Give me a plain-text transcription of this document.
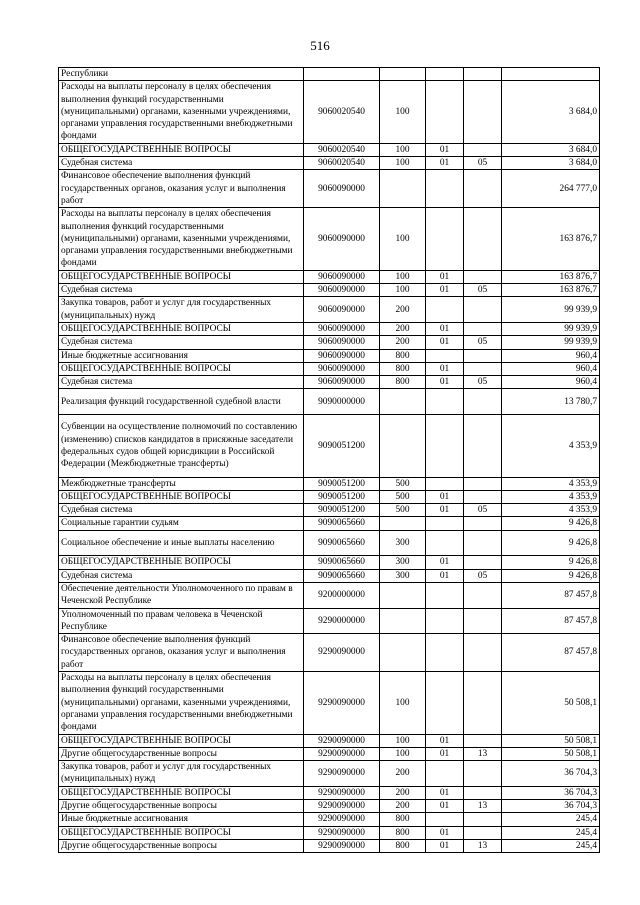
516
Республики					
Расходы на выплаты персоналу в целях обеспечения выполнения функций государственными (муниципальными) органами, казенными учреждениями, органами управления государственными внебюджетными фондами	9060020540	100			3 684,0
ОБЩЕГОСУДАРСТВЕННЫЕ ВОПРОСЫ	9060020540	100	01		3 684,0
Судебная система	9060020540	100	01	05	3 684,0
Финансовое обеспечение выполнения функций государственных органов, оказания услуг и выполнения работ	9060090000				264 777,0
Расходы на выплаты персоналу в целях обеспечения выполнения функций государственными (муниципальными) органами, казенными учреждениями, органами управления государственными внебюджетными фондами	9060090000	100			163 876,7
ОБЩЕГОСУДАРСТВЕННЫЕ ВОПРОСЫ	9060090000	100	01		163 876,7
Судебная система	9060090000	100	01	05	163 876,7
Закупка товаров, работ и услуг для государственных (муниципальных) нужд	9060090000	200			99 939,9
ОБЩЕГОСУДАРСТВЕННЫЕ ВОПРОСЫ	9060090000	200	01		99 939,9
Судебная система	9060090000	200	01	05	99 939,9
Иные бюджетные ассигнования	9060090000	800			960,4
ОБЩЕГОСУДАРСТВЕННЫЕ ВОПРОСЫ	9060090000	800	01		960,4
Судебная система	9060090000	800	01	05	960,4
Реализация функций государственной судебной власти	9090000000				13 780,7
Субвенции на осуществление полномочий по составлению (изменению) списков кандидатов в присяжные заседатели федеральных судов общей юрисдикции в Российской Федерации (Межбюджетные трансферты)	9090051200				4 353,9
Межбюджетные трансферты	9090051200	500			4 353,9
ОБЩЕГОСУДАРСТВЕННЫЕ ВОПРОСЫ	9090051200	500	01		4 353,9
Судебная система	9090051200	500	01	05	4 353,9
Социальные гарантии судьям	9090065660				9 426,8
Социальное обеспечение и иные выплаты населению	9090065660	300			9 426,8
ОБЩЕГОСУДАРСТВЕННЫЕ ВОПРОСЫ	9090065660	300	01		9 426,8
Судебная система	9090065660	300	01	05	9 426,8
Обеспечение деятельности Уполномоченного по правам в Чеченской Республике	9200000000				87 457,8
Уполномоченный по правам человека в Чеченской Республике	9290000000				87 457,8
Финансовое обеспечение выполнения функций государственных органов, оказания услуг и выполнения работ	9290090000				87 457,8
Расходы на выплаты персоналу в целях обеспечения выполнения функций государственными (муниципальными) органами, казенными учреждениями, органами управления государственными внебюджетными фондами	9290090000	100			50 508,1
ОБЩЕГОСУДАРСТВЕННЫЕ ВОПРОСЫ	9290090000	100	01		50 508,1
Другие общегосударственные вопросы	9290090000	100	01	13	50 508,1
Закупка товаров, работ и услуг для государственных (муниципальных) нужд	9290090000	200			36 704,3
ОБЩЕГОСУДАРСТВЕННЫЕ ВОПРОСЫ	9290090000	200	01		36 704,3
Другие общегосударственные вопросы	9290090000	200	01	13	36 704,3
Иные бюджетные ассигнования	9290090000	800			245,4
ОБЩЕГОСУДАРСТВЕННЫЕ ВОПРОСЫ	9290090000	800	01		245,4
Другие общегосударственные вопросы	9290090000	800	01	13	245,4
